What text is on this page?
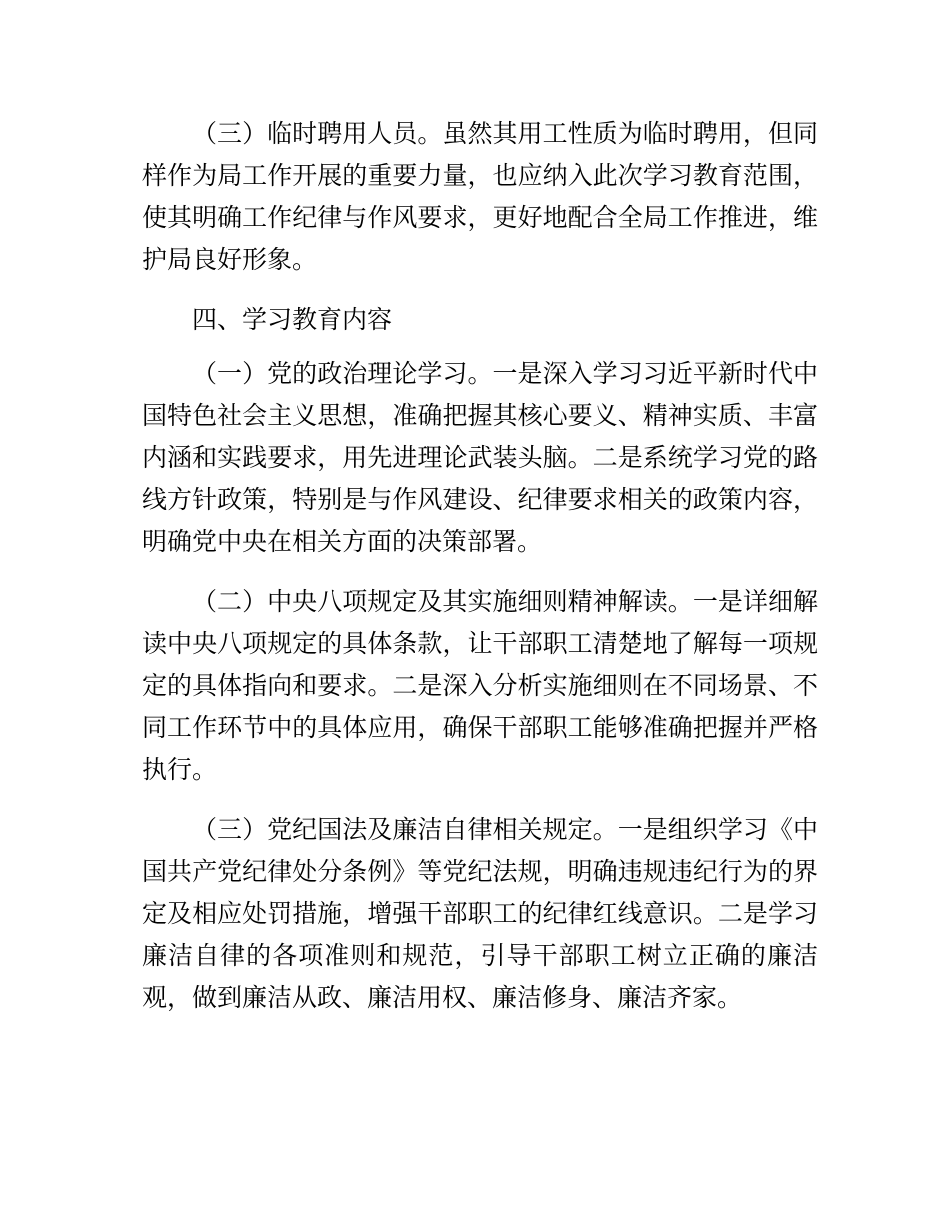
（三）临时聘用人员。虽然其用工性质为临时聘用，但同样作为局工作开展的重要力量，也应纳入此次学习教育范围，使其明确工作纪律与作风要求，更好地配合全局工作推进，维护局良好形象。

四、学习教育内容

（一）党的政治理论学习。一是深入学习习近平新时代中国特色社会主义思想，准确把握其核心要义、精神实质、丰富内涵和实践要求，用先进理论武装头脑。二是系统学习党的路线方针政策，特别是与作风建设、纪律要求相关的政策内容，明确党中央在相关方面的决策部署。

（二）中央八项规定及其实施细则精神解读。一是详细解读中央八项规定的具体条款，让干部职工清楚地了解每一项规定的具体指向和要求。二是深入分析实施细则在不同场景、不同工作环节中的具体应用，确保干部职工能够准确把握并严格执行。

（三）党纪国法及廉洁自律相关规定。一是组织学习《中国共产党纪律处分条例》等党纪法规，明确违规违纪行为的界定及相应处罚措施，增强干部职工的纪律红线意识。二是学习廉洁自律的各项准则和规范，引导干部职工树立正确的廉洁观，做到廉洁从政、廉洁用权、廉洁修身、廉洁齐家。
